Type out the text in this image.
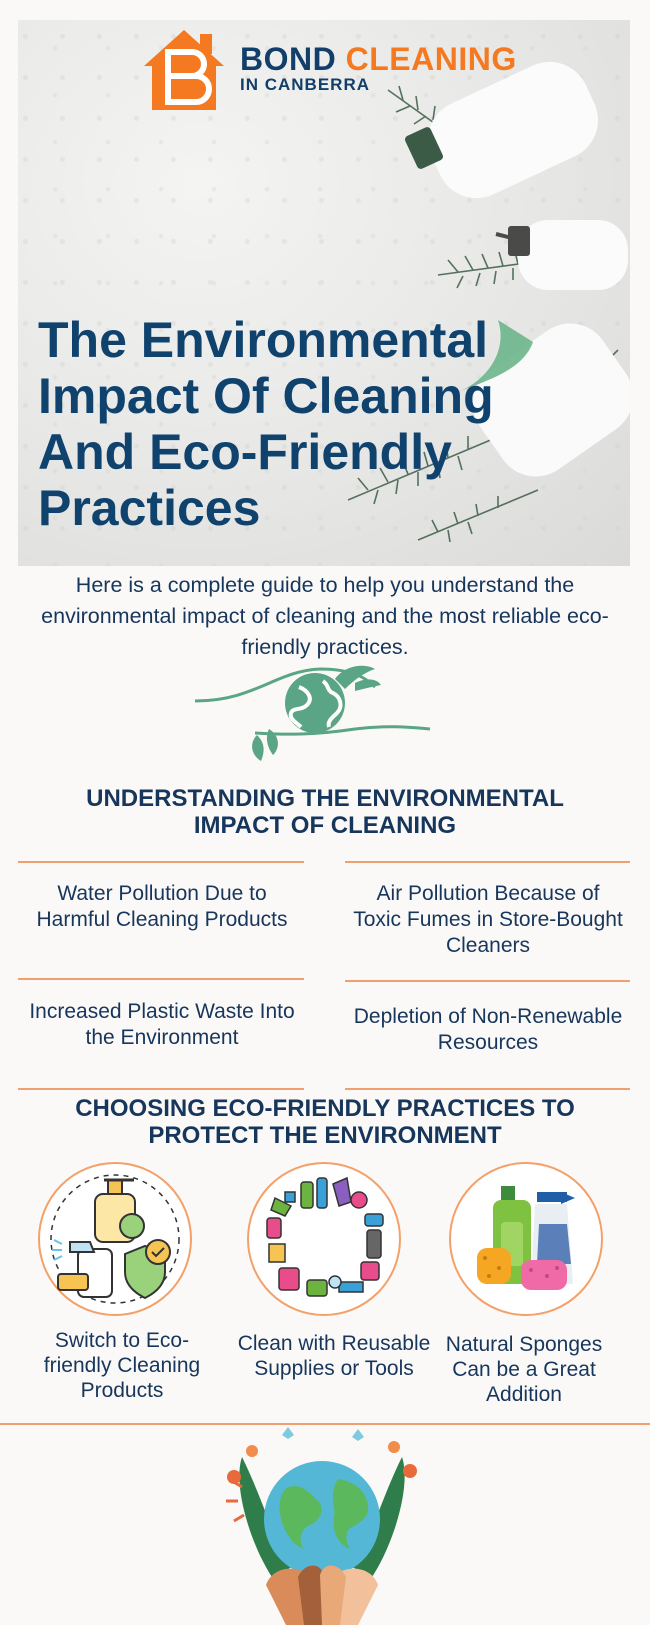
BOND CLEANING
IN CANBERRA
The Environmental Impact Of Cleaning And Eco-Friendly Practices

Here is a complete guide to help you understand the environmental impact of cleaning and the most reliable eco-friendly practices.

UNDERSTANDING THE ENVIRONMENTAL IMPACT OF CLEANING
Water Pollution Due to Harmful Cleaning Products
Air Pollution Because of Toxic Fumes in Store-Bought Cleaners
Increased Plastic Waste Into the Environment
Depletion of Non-Renewable Resources
CHOOSING ECO-FRIENDLY PRACTICES TO PROTECT THE ENVIRONMENT
Switch to Eco-friendly Cleaning Products
Clean with Reusable Supplies or Tools
Natural Sponges Can be a Great Addition
